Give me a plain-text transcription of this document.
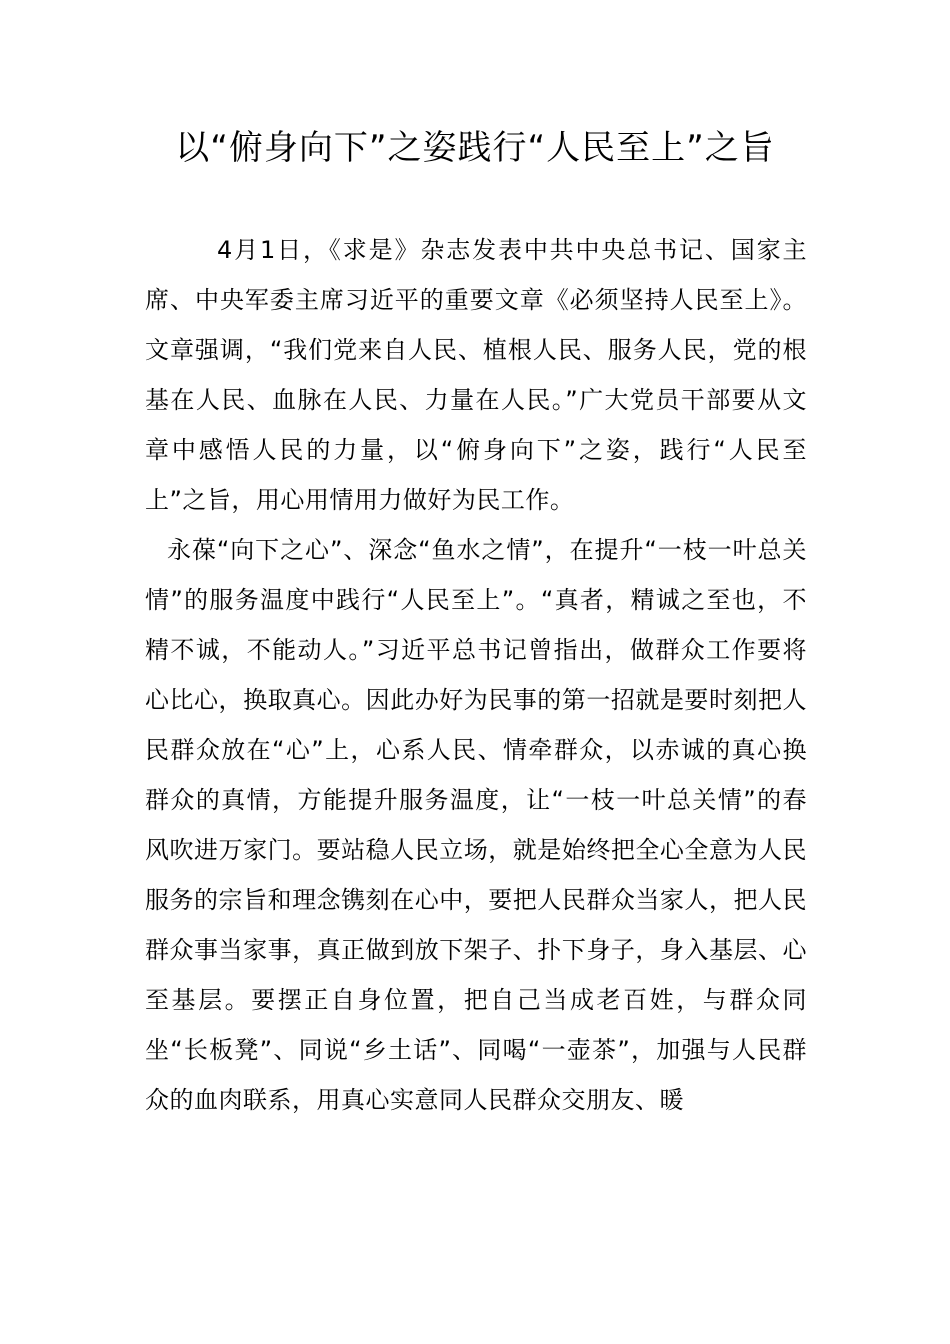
以“俯身向下”之姿践行“人民至上”之旨

4月1日，《求是》杂志发表中共中央总书记、国家主席、中央军委主席习近平的重要文章《必须坚持人民至上》。文章强调，“我们党来自人民、植根人民、服务人民，党的根基在人民、血脉在人民、力量在人民。”广大党员干部要从文章中感悟人民的力量，以“俯身向下”之姿，践行“人民至上”之旨，用心用情用力做好为民工作。

永葆“向下之心”、深念“鱼水之情”，在提升“一枝一叶总关情”的服务温度中践行“人民至上”。“真者，精诚之至也，不精不诚，不能动人。”习近平总书记曾指出，做群众工作要将心比心，换取真心。因此办好为民事的第一招就是要时刻把人民群众放在“心”上，心系人民、情牵群众，以赤诚的真心换群众的真情，方能提升服务温度，让“一枝一叶总关情”的春风吹进万家门。要站稳人民立场，就是始终把全心全意为人民服务的宗旨和理念镌刻在心中，要把人民群众当家人，把人民群众事当家事，真正做到放下架子、扑下身子，身入基层、心至基层。要摆正自身位置，把自己当成老百姓，与群众同坐“长板凳”、同说“乡土话”、同喝“一壶茶”，加强与人民群众的血肉联系，用真心实意同人民群众交朋友、暖
